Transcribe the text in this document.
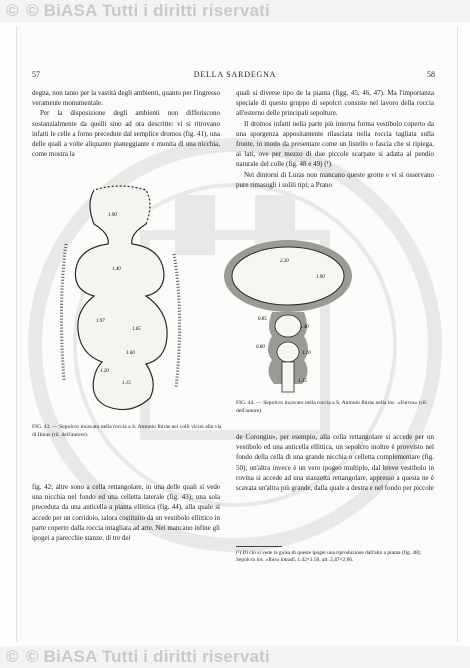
© © BiASA Tutti i diritti riservati
57	DELLA SARDEGNA	58

degna, non tanto per la vastità degli ambienti, quanto per l'ingresso veramente monumentale.

Per la disposizione degli ambienti non differiscono sostanzialmente da quelli sino ad ora descritte: vi si ritrovano infatti le celle a forno precedute dal semplice dromos (fig. 41), una delle quali a volte aliquanto pianeggiante e munita di una nicchia, come mostra la

quali si diverse tipo de la pianta (figg. 45, 46, 47). Ma l'importanza speciale di questo gruppo di sepolcri consiste nel lavoro della roccia all'esterno delle principali sepolture.

Il dromos infatti nella parte più interna forma vestibolo coperto da una sporgenza appositamente rilasciata nella roccia tagliata sulla fronte, in modo da presentare come un listello o fascia che si ripiega, ai lati, ove per mezzo di due piccole scarpate si adatta al pendio naturale del colle (fig. 48 e 49) (¹).

Nei dintorni di Luras non mancano queste grotte e vi si osservano pure rimasugli i soliti tipi; a Prano

1.90
1.40
1.97
1.65
1.20
1.15
1.60
2.30
1.90
0.85
1.40
0.80
1.10
1.35
FIG. 43. — Sepolcro incavato nella roccia a S. Antonio Ibiras nei colli vicini alla via di Ibiras (ril. dell'autore).
FIG. 44. — Sepolcro incavato nella roccia a S. Antonio Ibiras nella loc. «Furros» (ril. dell'autore).

fig. 42; altre sono a cella rettangolare, in una delle quali si vede una nicchia nel fondo ed una celletta laterale (fig. 43); una sola preceduta da una anticella a pianta ellittica (fig. 44), alla quale si accede per un corridoio, talora costituito da un vestibolo ellittico in parte coperto dalla roccia intagliata ad arte. Nei mancano infine gli ipogei a parecchie stanze, di tre dei

de Corongiu», per esempio, alla cella rettangolare si accede per un vestibolo ed una anticella ellittica, un sepolcro inoltre è provvisto nel fondo della cella di una grande nicchia o celletta complementare (fig. 50); un'altra invece è un vero ipogeo multiplo, dal breve vestibolo in rovina si accede ad una stanzetta rettangolare, appresso a questa ne è scavata un'altra più grande, dalla quale a destra e nel fondo per piccole

(¹) Di ciò si vede la guisa di queste ipogei una riproduzione dall'alto a pianta (fig. 48); Sepolcro loc. «Ibis» intradi, 1.42×1.50, alt. 2,47×2,66.
© © BiASA Tutti i diritti riservati
